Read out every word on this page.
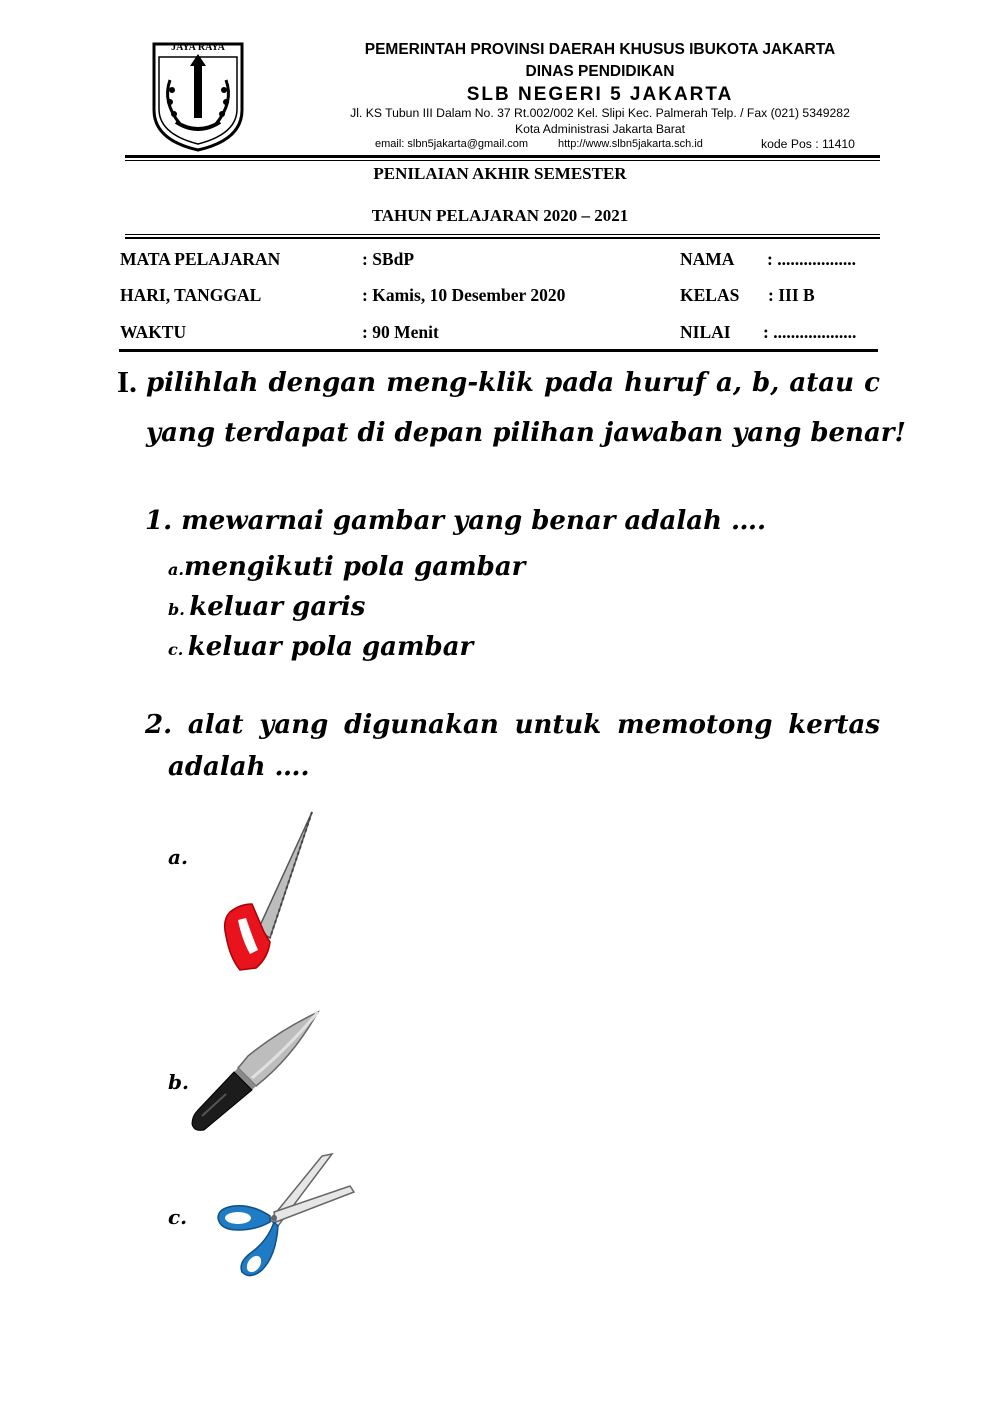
JAYA RAYA	PEMERINTAH PROVINSI DAERAH KHUSUS IBUKOTA JAKARTA
DINAS PENDIDIKAN
SLB NEGERI 5 JAKARTA
Jl. KS Tubun III Dalam No. 37 Rt.002/002 Kel. Slipi Kec. Palmerah Telp. / Fax (021) 5349282
Kota Administrasi Jakarta Barat
email: slbn5jakarta@gmail.com	http://www.slbn5jakarta.sch.id	kode Pos : 11410
PENILAIAN AKHIR SEMESTER
TAHUN PELAJARAN 2020 – 2021
MATA PELAJARAN	: SBdP	NAMA : ..................
HARI, TANGGAL	: Kamis, 10 Desember 2020	KELAS : III B
WAKTU	: 90 Menit	NILAI : ...................
I. pilihlah dengan meng-klik pada huruf a, b, atau c
yang terdapat di depan pilihan jawaban yang benar!
1. mewarnai gambar yang benar adalah ….
a.mengikuti pola gambar
b. keluar garis
c. keluar pola gambar
2. alat yang digunakan untuk memotong kertas
adalah ….
a.
b.
c.
